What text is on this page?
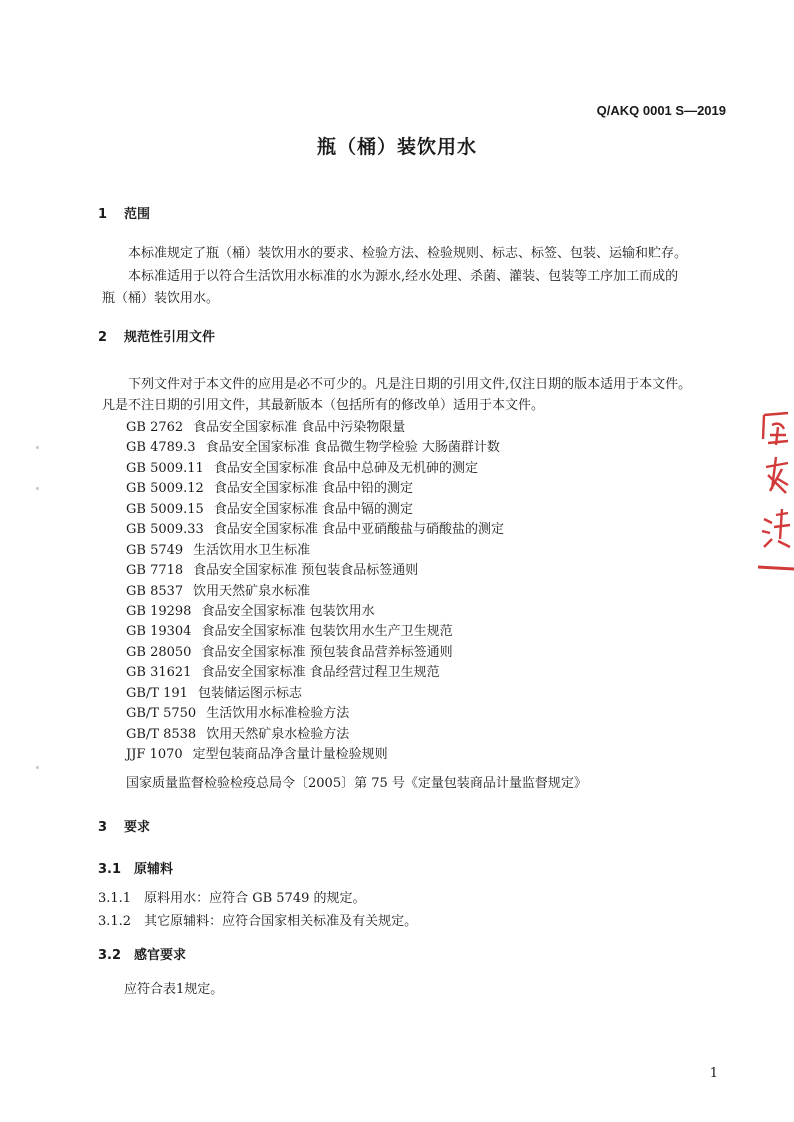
Q/AKQ 0001 S—2019
瓶（桶）装饮用水
1 范围
本标准规定了瓶（桶）装饮用水的要求、检验方法、检验规则、标志、标签、包装、运输和贮存。
本标准适用于以符合生活饮用水标准的水为源水,经水处理、杀菌、灌装、包装等工序加工而成的
瓶（桶）装饮用水。
2 规范性引用文件
下列文件对于本文件的应用是必不可少的。凡是注日期的引用文件,仅注日期的版本适用于本文件。
凡是不注日期的引用文件，其最新版本（包括所有的修改单）适用于本文件。
GB 2762 食品安全国家标准 食品中污染物限量
GB 4789.3 食品安全国家标准 食品微生物学检验 大肠菌群计数
GB 5009.11 食品安全国家标准 食品中总砷及无机砷的测定
GB 5009.12 食品安全国家标准 食品中铅的测定
GB 5009.15 食品安全国家标准 食品中镉的测定
GB 5009.33 食品安全国家标准 食品中亚硝酸盐与硝酸盐的测定
GB 5749 生活饮用水卫生标准
GB 7718 食品安全国家标准 预包装食品标签通则
GB 8537 饮用天然矿泉水标准
GB 19298 食品安全国家标准 包装饮用水
GB 19304 食品安全国家标准 包装饮用水生产卫生规范
GB 28050 食品安全国家标准 预包装食品营养标签通则
GB 31621 食品安全国家标准 食品经营过程卫生规范
GB/T 191 包装储运图示标志
GB/T 5750 生活饮用水标准检验方法
GB/T 8538 饮用天然矿泉水检验方法
JJF 1070 定型包装商品净含量计量检验规则
国家质量监督检验检疫总局令〔2005〕第 75 号《定量包装商品计量监督规定》
3 要求
3.1 原辅料
3.1.1　原料用水：应符合 GB 5749 的规定。
3.1.2　其它原辅料：应符合国家相关标准及有关规定。
3.2 感官要求
应符合表1规定。
1
